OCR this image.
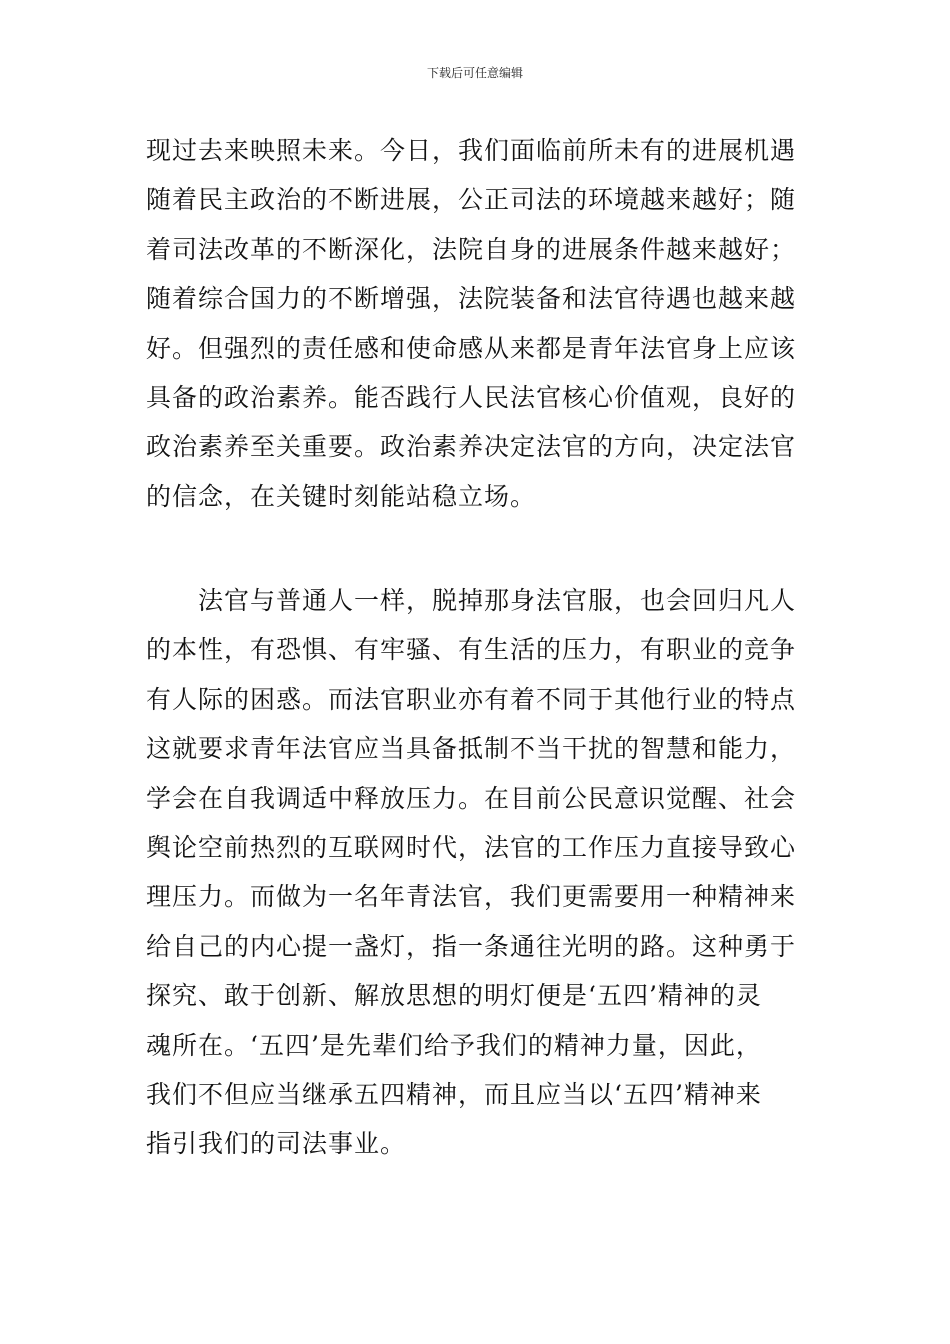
下载后可任意编辑
现过去来映照未来。今日，我们面临前所未有的进展机遇
随着民主政治的不断进展，公正司法的环境越来越好；随
着司法改革的不断深化，法院自身的进展条件越来越好；
随着综合国力的不断增强，法院装备和法官待遇也越来越
好。但强烈的责任感和使命感从来都是青年法官身上应该
具备的政治素养。能否践行人民法官核心价值观，良好的
政治素养至关重要。政治素养决定法官的方向，决定法官
的信念，在关键时刻能站稳立场。
　　法官与普通人一样，脱掉那身法官服，也会回归凡人
的本性，有恐惧、有牢骚、有生活的压力，有职业的竞争
有人际的困惑。而法官职业亦有着不同于其他行业的特点
这就要求青年法官应当具备抵制不当干扰的智慧和能力，
学会在自我调适中释放压力。在目前公民意识觉醒、社会
舆论空前热烈的互联网时代，法官的工作压力直接导致心
理压力。而做为一名年青法官，我们更需要用一种精神来
给自己的内心提一盏灯，指一条通往光明的路。这种勇于
探究、敢于创新、解放思想的明灯便是‘五四’精神的灵
魂所在。‘五四’是先辈们给予我们的精神力量，因此，
我们不但应当继承五四精神，而且应当以‘五四’精神来
指引我们的司法事业。
